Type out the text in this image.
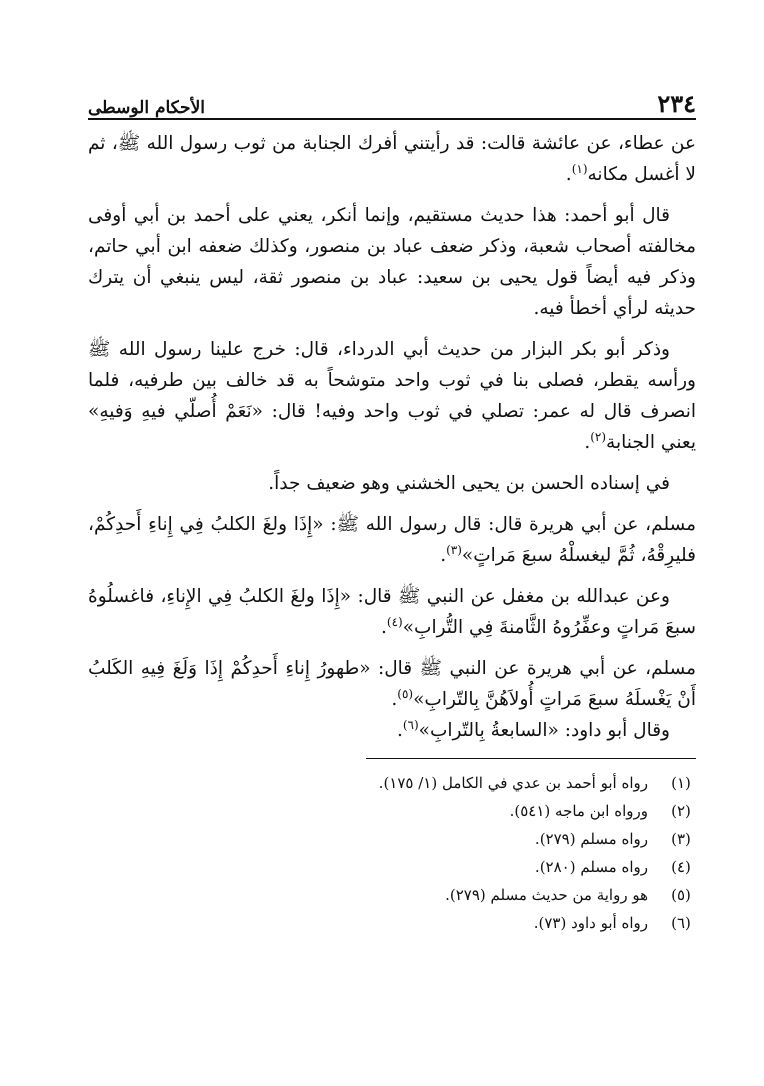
٢٣٤
الأحكام الوسطى

عن عطاء، عن عائشة قالت: قد رأيتني أفرك الجنابة من ثوب رسول الله ﷺ، ثم لا أغسل مكانه$^{(١)}$.

قال أبو أحمد: هذا حديث مستقيم، وإنما أنكر، يعني على أحمد بن أبي أوفى مخالفته أصحاب شعبة، وذكر ضعف عباد بن منصور، وكذلك ضعفه ابن أبي حاتم، وذكر فيه أيضاً قول يحيى بن سعيد: عباد بن منصور ثقة، ليس ينبغي أن يترك حديثه لرأي أخطأ فيه.

وذكر أبو بكر البزار من حديث أبي الدرداء، قال: خرج علينا رسول الله ﷺ ورأسه يقطر، فصلى بنا في ثوب واحد متوشحاً به قد خالف بين طرفيه، فلما انصرف قال له عمر: تصلي في ثوب واحد وفيه! قال: «نَعَمْ أُصلّي فيهِ وَفيهِ» يعني الجنابة$^{(٢)}$.

في إسناده الحسن بن يحيى الخشني وهو ضعيف جداً.

مسلم، عن أبي هريرة قال: قال رسول الله ﷺ: «إِذَا ولغَ الكلبُ فِي إِناءِ أَحدِكُمْ، فليرِقْهُ، ثُمَّ ليغسلْهُ سبعَ مَراتٍ»$^{(٣)}$.

وعن عبدالله بن مغفل عن النبي ﷺ قال: «إِذَا ولغَ الكلبُ فِي الإِناءِ، فاغسلُوهُ سبعَ مَراتٍ وعفِّرُوهُ الثَّامنةَ فِي التُّرابِ»$^{(٤)}$.

مسلم، عن أبي هريرة عن النبي ﷺ قال: «طهورُ إِناءِ أَحدِكُمْ إِذَا وَلَغَ فِيهِ الكَلبُ أَنْ يَغْسلَهُ سبعَ مَراتٍ أُولاَهُنَّ بِالتّرابِ»$^{(٥)}$.

وقال أبو داود: «السابعةُ بِالتّرابِ»$^{(٦)}$.

(١)
رواه أبو أحمد بن عدي في الكامل (١/ ١٧٥).
(٢)
ورواه ابن ماجه (٥٤١).
(٣)
رواه مسلم (٢٧٩).
(٤)
رواه مسلم (٢٨٠).
(٥)
هو رواية من حديث مسلم (٢٧٩).
(٦)
رواه أبو داود (٧٣).
